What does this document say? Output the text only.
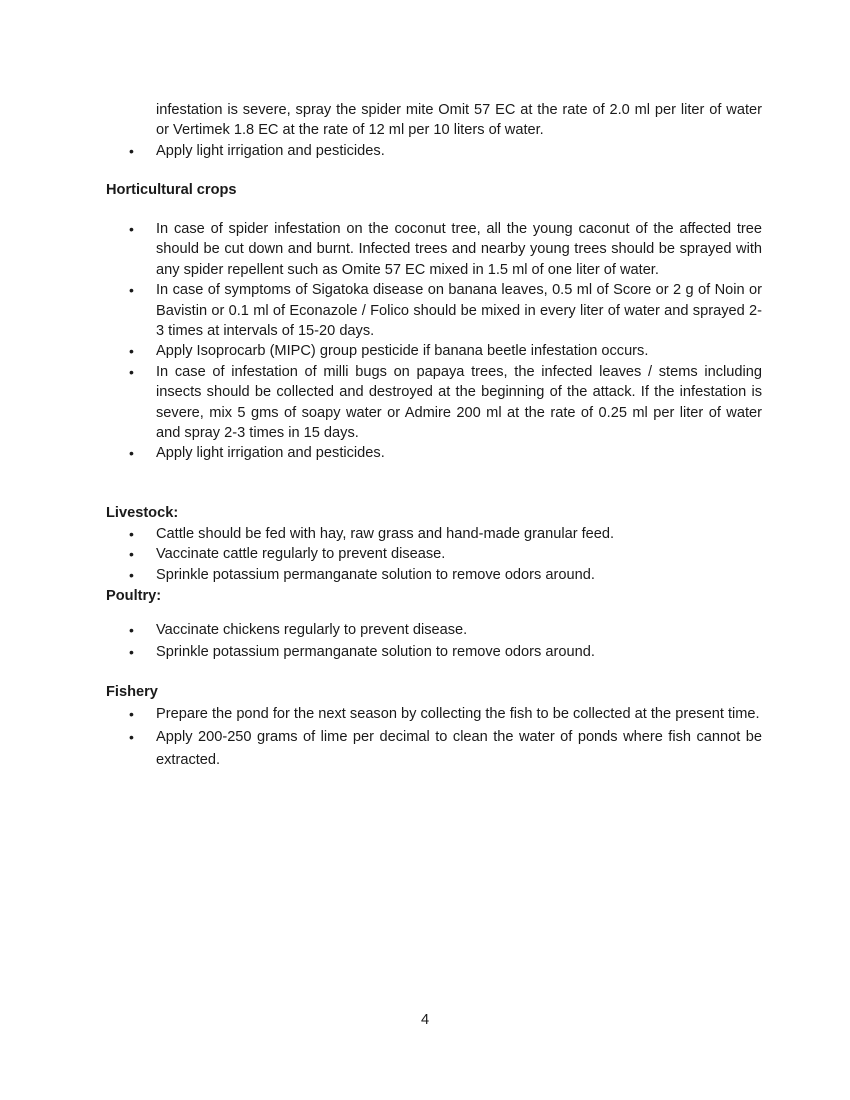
infestation is severe, spray the spider mite Omit 57 EC at the rate of 2.0 ml per liter of water or Vertimek 1.8 EC at the rate of 12 ml per 10 liters of water.
• Apply light irrigation and pesticides.
Horticultural crops
• In case of spider infestation on the coconut tree, all the young caconut of the affected tree should be cut down and burnt. Infected trees and nearby young trees should be sprayed with any spider repellent such as Omite 57 EC mixed in 1.5 ml of one liter of water.
• In case of symptoms of Sigatoka disease on banana leaves, 0.5 ml of Score or 2 g of Noin or Bavistin or 0.1 ml of Econazole / Folico should be mixed in every liter of water and sprayed 2-3 times at intervals of 15-20 days.
• Apply Isoprocarb (MIPC) group pesticide if banana beetle infestation occurs.
• In case of infestation of milli bugs on papaya trees, the infected leaves / stems including insects should be collected and destroyed at the beginning of the attack. If the infestation is severe, mix 5 gms of soapy water or Admire 200 ml at the rate of 0.25 ml per liter of water and spray 2-3 times in 15 days.
• Apply light irrigation and pesticides.
Livestock:
• Cattle should be fed with hay, raw grass and hand-made granular feed.
• Vaccinate cattle regularly to prevent disease.
• Sprinkle potassium permanganate solution to remove odors around.
Poultry:
• Vaccinate chickens regularly to prevent disease.
• Sprinkle potassium permanganate solution to remove odors around.
Fishery
• Prepare the pond for the next season by collecting the fish to be collected at the present time.
• Apply 200-250 grams of lime per decimal to clean the water of ponds where fish cannot be extracted.
4
